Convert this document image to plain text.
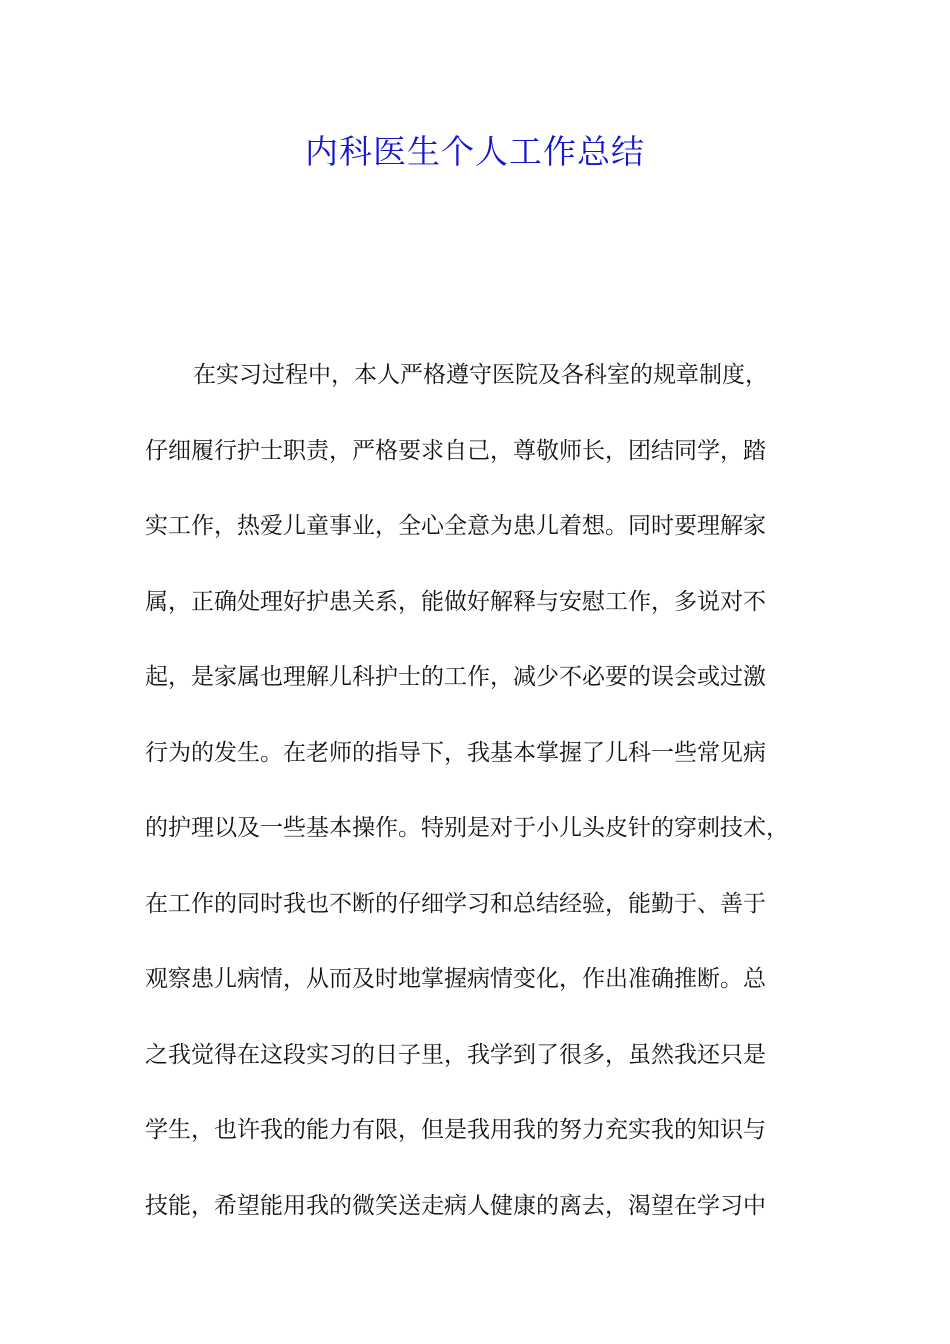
内科医生个人工作总结
在实习过程中，本人严格遵守医院及各科室的规章制度，
仔细履行护士职责，严格要求自己，尊敬师长，团结同学，踏
实工作，热爱儿童事业，全心全意为患儿着想。同时要理解家
属，正确处理好护患关系，能做好解释与安慰工作，多说对不
起，是家属也理解儿科护士的工作，减少不必要的误会或过激
行为的发生。在老师的指导下，我基本掌握了儿科一些常见病
的护理以及一些基本操作。特别是对于小儿头皮针的穿刺技术，
在工作的同时我也不断的仔细学习和总结经验，能勤于、善于
观察患儿病情，从而及时地掌握病情变化，作出准确推断。总
之我觉得在这段实习的日子里，我学到了很多，虽然我还只是
学生，也许我的能力有限，但是我用我的努力充实我的知识与
技能，希望能用我的微笑送走病人健康的离去，渴望在学习中
